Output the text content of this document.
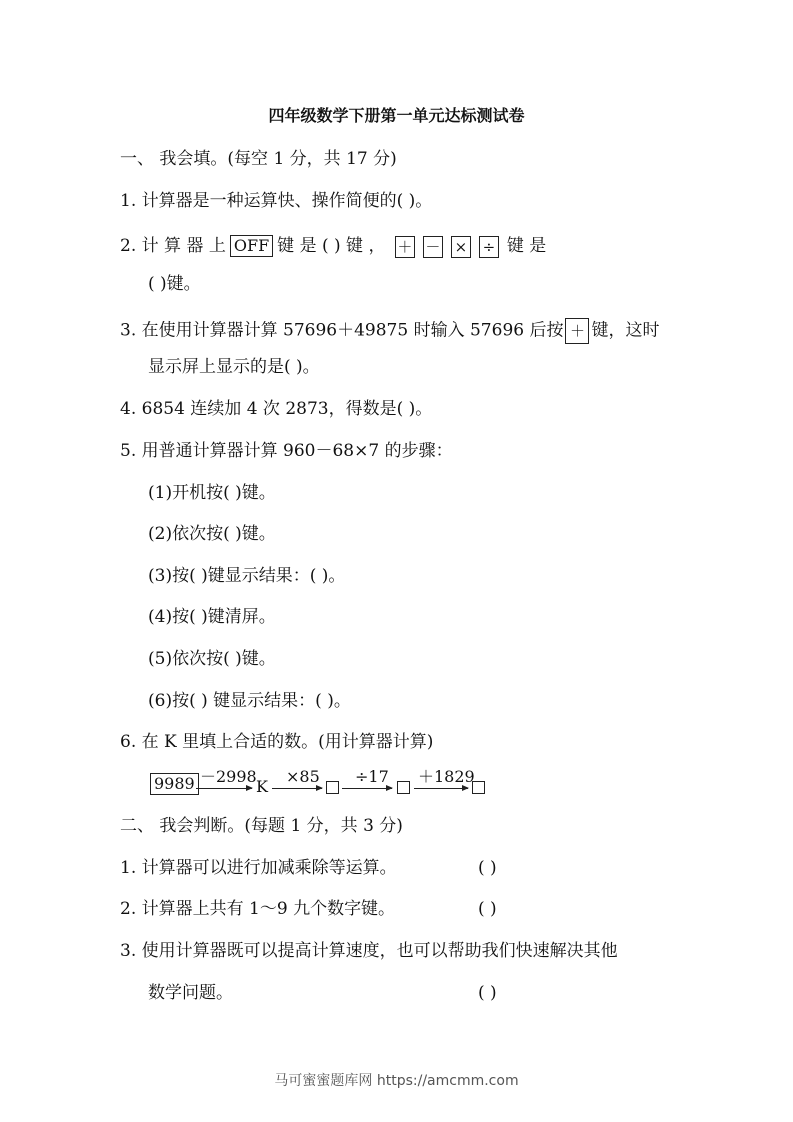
四年级数学下册第一单元达标测试卷
一、 我会填。(每空 1 分，共 17 分)
1. 计算器是一种运算快、操作简便的( )。
2. 计 算 器 上 OFF 键 是 ( ) 键 ， ＋ － × ÷ 键 是
( )键。
3. 在使用计算器计算 57696＋49875 时输入 57696 后按 ＋ 键，这时
显示屏上显示的是( )。
4. 6854 连续加 4 次 2873，得数是( )。
5. 用普通计算器计算 960－68×7 的步骤：
(1)开机按( )键。
(2)依次按( )键。
(3)按( )键显示结果：( )。
(4)按( )键清屏。
(5)依次按( )键。
(6)按( ) 键显示结果：( )。
6. 在 K 里填上合适的数。(用计算器计算)
9989 －2998
K
×85 ÷17 ＋1829
二、 我会判断。(每题 1 分，共 3 分)
1. 计算器可以进行加减乘除等运算。	( )
2. 计算器上共有 1～9 九个数字键。	( )
3. 使用计算器既可以提高计算速度，也可以帮助我们快速解决其他
数学问题。	( )
马可蜜蜜题库网 https://amcmm.com
